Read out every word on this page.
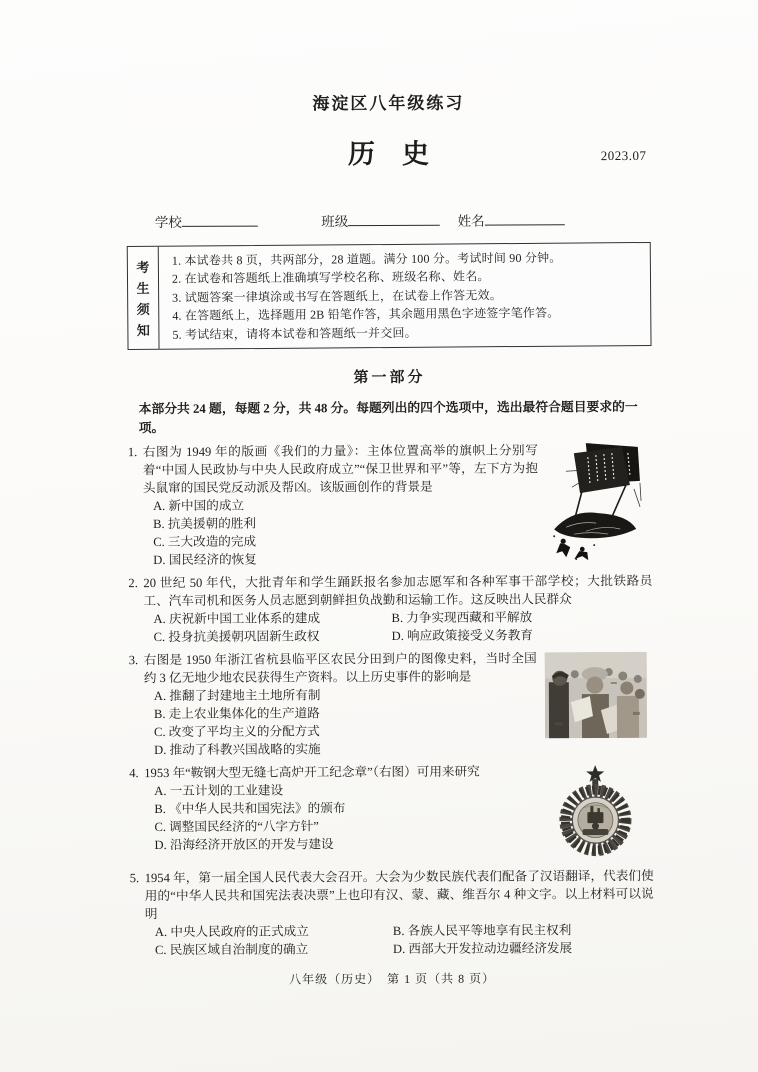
海淀区八年级练习
历　史	2023.07
学校	班级	姓名
考
生
须
知
1. 本试卷共 8 页，共两部分，28 道题。满分 100 分。考试时间 90 分钟。
2. 在试卷和答题纸上准确填写学校名称、班级名称、姓名。
3. 试题答案一律填涂或书写在答题纸上，在试卷上作答无效。
4. 在答题纸上，选择题用 2B 铅笔作答，其余题用黑色字迹签字笔作答。
5. 考试结束，请将本试卷和答题纸一并交回。
第一部分
本部分共 24 题，每题 2 分，共 48 分。每题列出的四个选项中，选出最符合题目要求的一项。
1. 右图为 1949 年的版画《我们的力量》：主体位置高举的旗帜上分别写着“中国人民政协与中央人民政府成立”“保卫世界和平”等，左下方为抱头鼠窜的国民党反动派及帮凶。该版画创作的背景是
A. 新中国的成立
B. 抗美援朝的胜利
C. 三大改造的完成
D. 国民经济的恢复
2. 20 世纪 50 年代，大批青年和学生踊跃报名参加志愿军和各种军事干部学校；大批铁路员工、汽车司机和医务人员志愿到朝鲜担负战勤和运输工作。这反映出人民群众
A. 庆祝新中国工业体系的建成	B. 力争实现西藏和平解放
C. 投身抗美援朝巩固新生政权	D. 响应政策接受义务教育
3. 右图是 1950 年浙江省杭县临平区农民分田到户的图像史料，当时全国约 3 亿无地少地农民获得生产资料。以上历史事件的影响是
A. 推翻了封建地主土地所有制
B. 走上农业集体化的生产道路
C. 改变了平均主义的分配方式
D. 推动了科教兴国战略的实施
4. 1953 年“鞍钢大型无缝七高炉开工纪念章”（右图）可用来研究
A. 一五计划的工业建设
B. 《中华人民共和国宪法》的颁布
C. 调整国民经济的“八字方针”
D. 沿海经济开放区的开发与建设
5. 1954 年，第一届全国人民代表大会召开。大会为少数民族代表们配备了汉语翻译，代表们使用的“中华人民共和国宪法表决票”上也印有汉、蒙、藏、维吾尔 4 种文字。以上材料可以说明
A. 中央人民政府的正式成立	B. 各族人民平等地享有民主权利
C. 民族区域自治制度的确立	D. 西部大开发拉动边疆经济发展
八年级（历史）　第 1 页（共 8 页）
